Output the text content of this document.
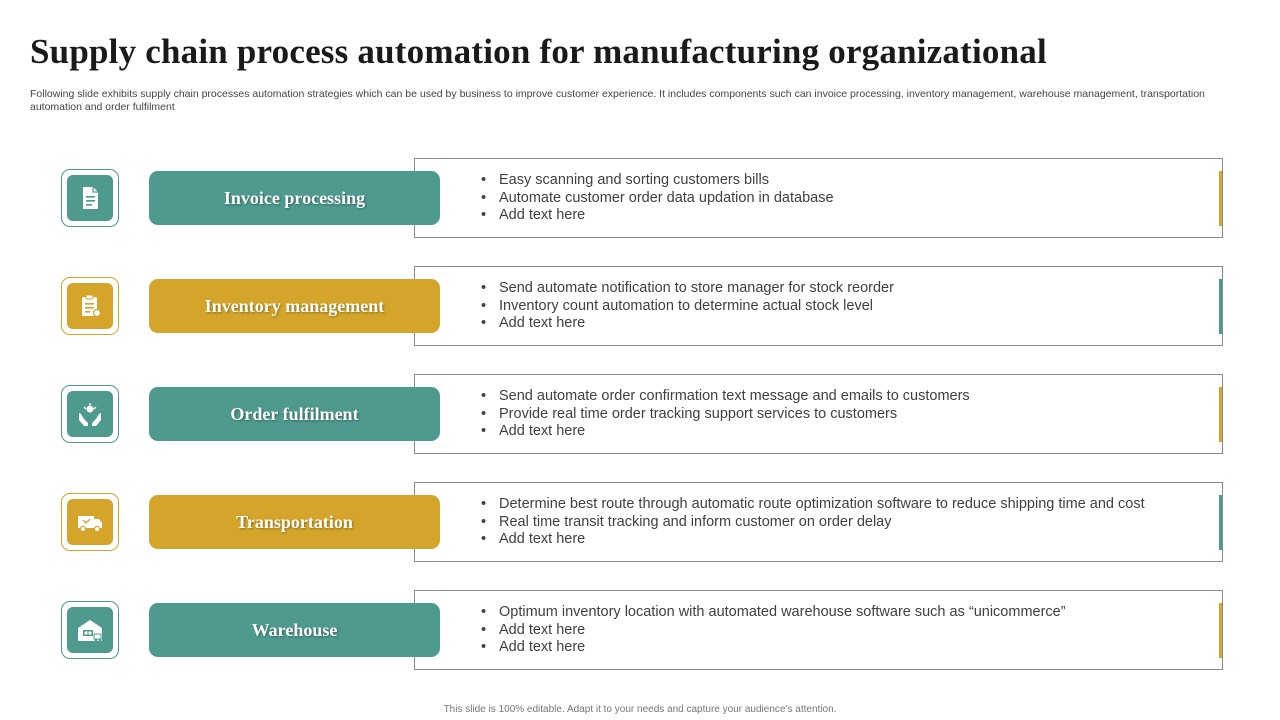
Supply chain process automation for manufacturing organizational
Following slide exhibits supply chain processes automation strategies which can be used by business to improve customer experience. It includes components such can invoice processing, inventory management, warehouse management, transportation automation and order fulfilment
Invoice processing
• Easy scanning and sorting customers bills
• Automate customer order data updation in database
• Add text here
Inventory management
• Send automate notification to store manager for stock reorder
• Inventory count automation to determine actual stock level
• Add text here
Order fulfilment
• Send automate order confirmation text message and emails to customers
• Provide real time order tracking support services to customers
• Add text here
Transportation
• Determine best route through automatic route optimization software to reduce shipping time and cost
• Real time transit tracking and inform customer on order delay
• Add text here
Warehouse
• Optimum inventory location with automated warehouse software such as “unicommerce”
• Add text here
• Add text here
This slide is 100% editable. Adapt it to your needs and capture your audience’s attention.
